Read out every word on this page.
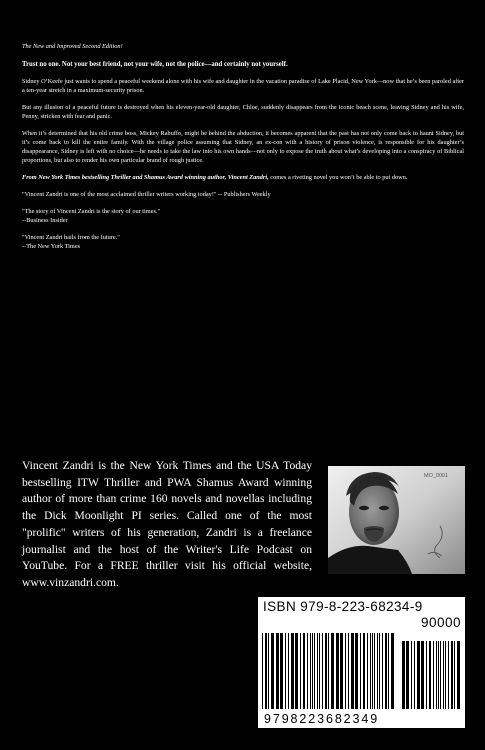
The New and Improved Second Edition!

Trust no one. Not your best friend, not your wife, not the police—and certainly not yourself.

Sidney O’Keefe just wants to spend a peaceful weekend alone with his wife and daughter in the vacation paradise of Lake Placid, New York—now that he’s been paroled after a ten-year stretch in a maximum-security prison.

But any illusion of a peaceful future is destroyed when his eleven-year-old daughter, Chloe, suddenly disappears from the iconic beach scene, leaving Sidney and his wife, Penny, stricken with fear and panic.

When it’s determined that his old crime boss, Mickey Rabuffo, might be behind the abduction, it becomes apparent that the past has not only come back to haunt Sidney, but it’s come back to kill the entire family. With the village police assuming that Sidney, an ex-con with a history of prison violence, is responsible for his daughter’s disappearance, Sidney is left with no choice—he needs to take the law into his own hands—not only to expose the truth about what’s developing into a conspiracy of Biblical proportions, but also to render his own particular brand of rough justice.

From New York Times bestselling Thriller and Shamus Award winning author, Vincent Zandri, comes a riveting novel you won’t be able to put down.

"Vincent Zandri is one of the most acclaimed thriller writers working today!" -- Publishers Weekly

"The story of Vincent Zandri is the story of our times."
--Business Insider

"Vincent Zandri hails from the future."
--The New York Times

Vincent Zandri is the New York Times and the USA Today bestselling ITW Thriller and PWA Shamus Award winning author of more than crime 160 novels and novellas including the Dick Moonlight PI series. Called one of the most "prolific" writers of his generation, Zandri is a freelance journalist and the host of the Writer's Life Podcast on YouTube. For a FREE thriller visit his official website, www.vinzandri.com.
MO_0001
ISBN 979-8-223-68234-9
90000
9798223682349
